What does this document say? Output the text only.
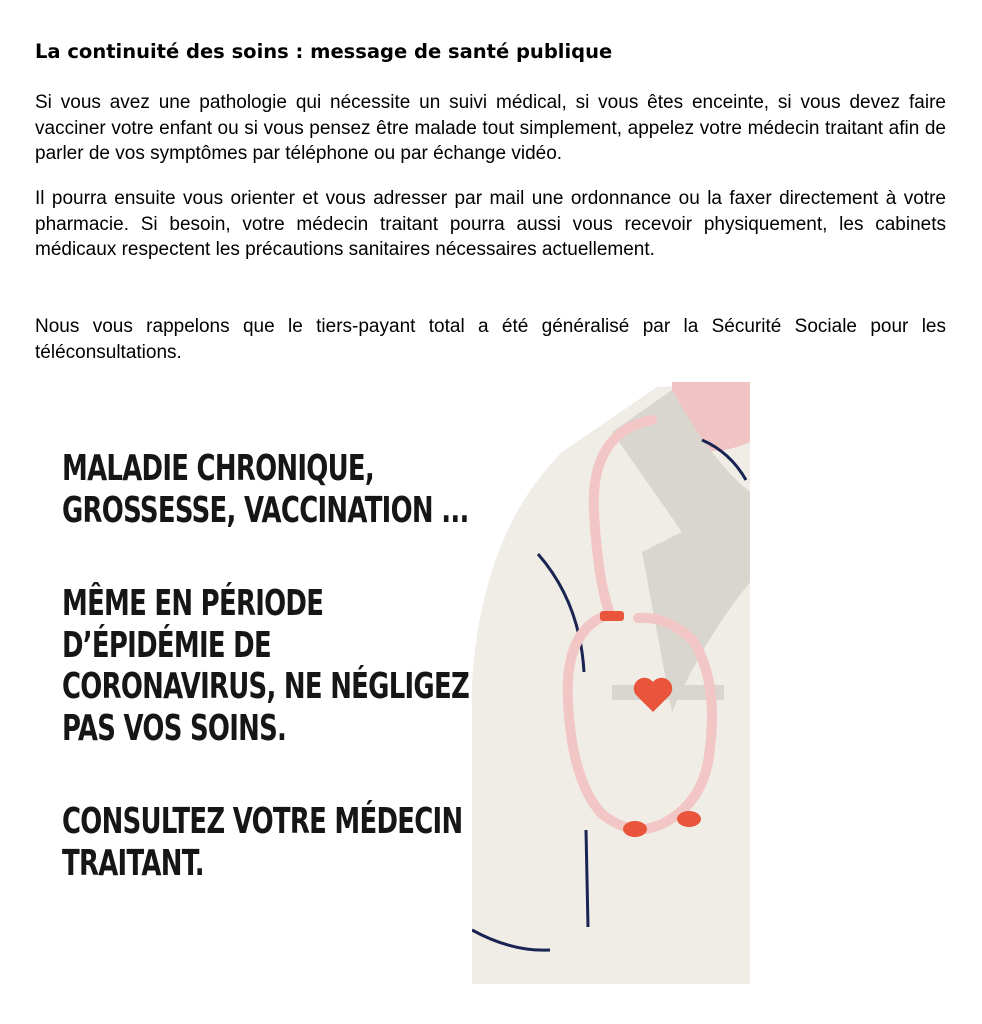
La continuité des soins : message de santé publique

Si vous avez une pathologie qui nécessite un suivi médical, si vous êtes enceinte, si vous devez faire vacciner votre enfant ou si vous pensez être malade tout simplement, appelez votre médecin traitant afin de parler de vos symptômes par téléphone ou par échange vidéo.

Il pourra ensuite vous orienter et vous adresser par mail une ordonnance ou la faxer directement à votre pharmacie. Si besoin, votre médecin traitant pourra aussi vous recevoir physiquement, les cabinets médicaux respectent les précautions sanitaires nécessaires actuellement.

Nous vous rappelons que le tiers-payant total a été généralisé par la Sécurité Sociale pour les téléconsultations.

MALADIE CHRONIQUE,
GROSSESSE, VACCINATION ...
MÊME EN PÉRIODE
D’ÉPIDÉMIE DE
CORONAVIRUS, NE NÉGLIGEZ
PAS VOS SOINS.
CONSULTEZ VOTRE MÉDECIN
TRAITANT.
